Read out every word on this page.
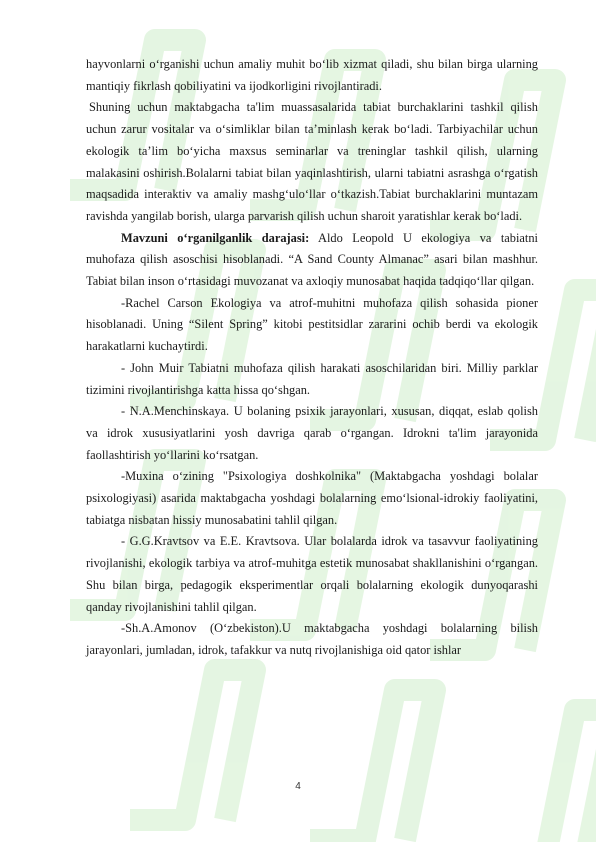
hayvonlarni o‘rganishi uchun amaliy muhit bo‘lib xizmat qiladi, shu bilan birga ularning mantiqiy fikrlash qobiliyatini va ijodkorligini rivojlantiradi.

Shuning uchun maktabgacha ta'lim muassasalarida tabiat burchaklarini tashkil qilish uchun zarur vositalar va o‘simliklar bilan ta’minlash kerak bo‘ladi. Tarbiyachilar uchun ekologik ta’lim bo‘yicha maxsus seminarlar va treninglar tashkil qilish, ularning malakasini oshirish.Bolalarni tabiat bilan yaqinlashtirish, ularni tabiatni asrashga o‘rgatish maqsadida interaktiv va amaliy mashg‘ulo‘llar o‘tkazish.Tabiat burchaklarini muntazam ravishda yangilab borish, ularga parvarish qilish uchun sharoit yaratishlar kerak bo‘ladi.

Mavzuni o‘rganilganlik darajasi: Aldo Leopold U ekologiya va tabiatni muhofaza qilish asoschisi hisoblanadi. “A Sand County Almanac” asari bilan mashhur. Tabiat bilan inson o‘rtasidagi muvozanat va axloqiy munosabat haqida tadqiqo‘llar qilgan.

-Rachel Carson Ekologiya va atrof-muhitni muhofaza qilish sohasida pioner hisoblanadi. Uning “Silent Spring” kitobi pestitsidlar zararini ochib berdi va ekologik harakatlarni kuchaytirdi.

- John Muir Tabiatni muhofaza qilish harakati asoschilaridan biri. Milliy parklar tizimini rivojlantirishga katta hissa qo‘shgan.

- N.A.Menchinskaya. U bolaning psixik jarayonlari, xususan, diqqat, eslab qolish va idrok xususiyatlarini yosh davriga qarab o‘rgangan. Idrokni ta'lim jarayonida faollashtirish yo‘llarini ko‘rsatgan.

-Muxina o‘zining "Psixologiya doshkolnika" (Maktabgacha yoshdagi bolalar psixologiyasi) asarida maktabgacha yoshdagi bolalarning emo‘lsional-idrokiy faoliyatini, tabiatga nisbatan hissiy munosabatini tahlil qilgan.

- G.G.Kravtsov va E.E. Kravtsova. Ular bolalarda idrok va tasavvur faoliyatining rivojlanishi, ekologik tarbiya va atrof-muhitga estetik munosabat shakllanishini o‘rgangan. Shu bilan birga, pedagogik eksperimentlar orqali bolalarning ekologik dunyoqarashi qanday rivojlanishini tahlil qilgan.

-Sh.A.Amonov (O‘zbekiston).U maktabgacha yoshdagi bolalarning bilish jarayonlari, jumladan, idrok, tafakkur va nutq rivojlanishiga oid qator ishlar

4
